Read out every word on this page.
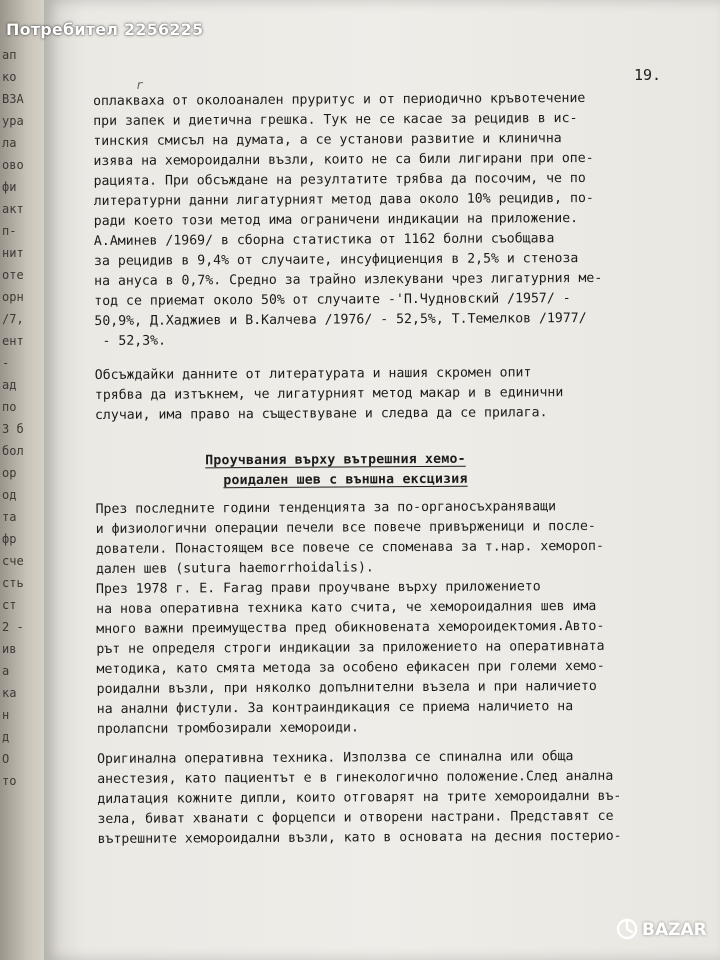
ап
ко
ВЗА
ура
ла
ово
фи
акт
п-
нит
оте
орн
/7,
ент
-
ад
по
3 б
бол
ор
од
та
фр
сче
сть
ст
2 -
ив
а
ка
н
д
О
то
r
19.
оплакваха от околоанален пруритус и от периодично кръвотечение
при запек и диетична грешка. Тук не се касае за рецидив в ис-
тинския смисъл на думата, а се установи развитие и клинична
изява на хемороидални възли, които не са били лигирани при опе-
рацията. При обсъждане на резултатите трябва да посочим, че по
литературни данни лигатурният метод дава около 10% рецидив, по-
ради което този метод има ограничени индикации на приложение.
А.Аминев /1969/ в сборна статистика от 1162 болни съобщава
за рецидив в 9,4% от случаите, инсуфициенция в 2,5% и стеноза
на ануса в 0,7%. Средно за трайно излекувани чрез лигатурния ме-
тод се приемат около 50% от случаите -'П.Чудновский /1957/ -
50,9%, Д.Хаджиев и В.Калчева /1976/ - 52,5%, Т.Темелков /1977/
- 52,3%.
Обсъждайки данните от литературата и нашия скромен опит
трябва да изтъкнем, че лигатурният метод макар и в единични
случаи, има право на съществуване и следва да се прилага.
Проучвания върху вътрешния хемо-
роидален шев с външна ексцизия
През последните години тенденцията за по-органосъхраняващи
и физиологични операции печели все повече привърженици и после-
дователи. Понастоящем все повече се споменава за т.нар. хемороп-
дален шев (sutura haemorrhoidalis).
През 1978 г. E. Farag прави проучване върху приложението
на нова оперативна техника като счита, че хемороидалния шев има
много важни преимущества пред обикновената хемороидектомия.Авто-
рът не определя строги индикации за приложението на оперативната
методика, като смята метода за особено ефикасен при големи хемо-
роидални възли, при няколко допълнителни възела и при наличието
на анални фистули. За контраиндикация се приема наличието на
пролапсни тромбозирали хемороиди.
Оригинална оперативна техника. Използва се спинална или обща
анестезия, като пациентът е в гинекологично положение.След анална
дилатация кожните дипли, които отговарят на трите хемороидални въ-
зела, биват хванати с форцепси и отворени настрани. Представят се
вътрешните хемороидални възли, като в основата на десния постерио-
Потребител 2256225
BAZAR
